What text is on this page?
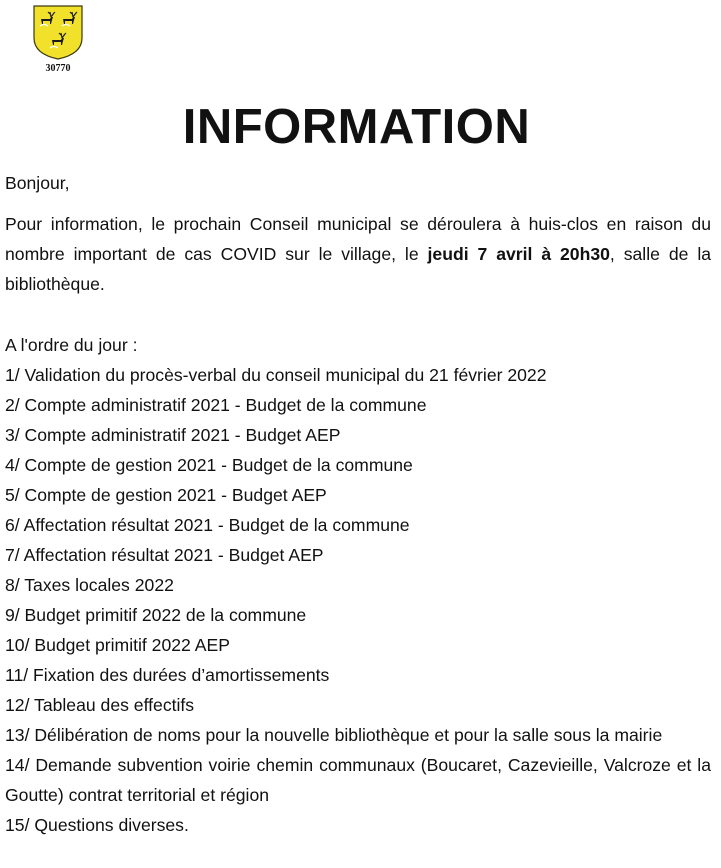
30770
INFORMATION
Bonjour,
Pour information, le prochain Conseil municipal se déroulera à huis-clos en raison du nombre important de cas COVID sur le village, le jeudi 7 avril à 20h30, salle de la bibliothèque.
A l'ordre du jour :
1/ Validation du procès-verbal du conseil municipal du 21 février 2022
2/ Compte administratif 2021 - Budget de la commune
3/ Compte administratif 2021 - Budget AEP
4/ Compte de gestion 2021 - Budget de la commune
5/ Compte de gestion 2021 - Budget AEP
6/ Affectation résultat 2021 - Budget de la commune
7/ Affectation résultat 2021 - Budget AEP
8/ Taxes locales 2022
9/ Budget primitif 2022 de la commune
10/ Budget primitif 2022 AEP
11/ Fixation des durées d’amortissements
12/ Tableau des effectifs
13/ Délibération de noms pour la nouvelle bibliothèque et pour la salle sous la mairie
14/ Demande subvention voirie chemin communaux (Boucaret, Cazevieille, Valcroze et la Goutte) contrat territorial et région
15/ Questions diverses.
